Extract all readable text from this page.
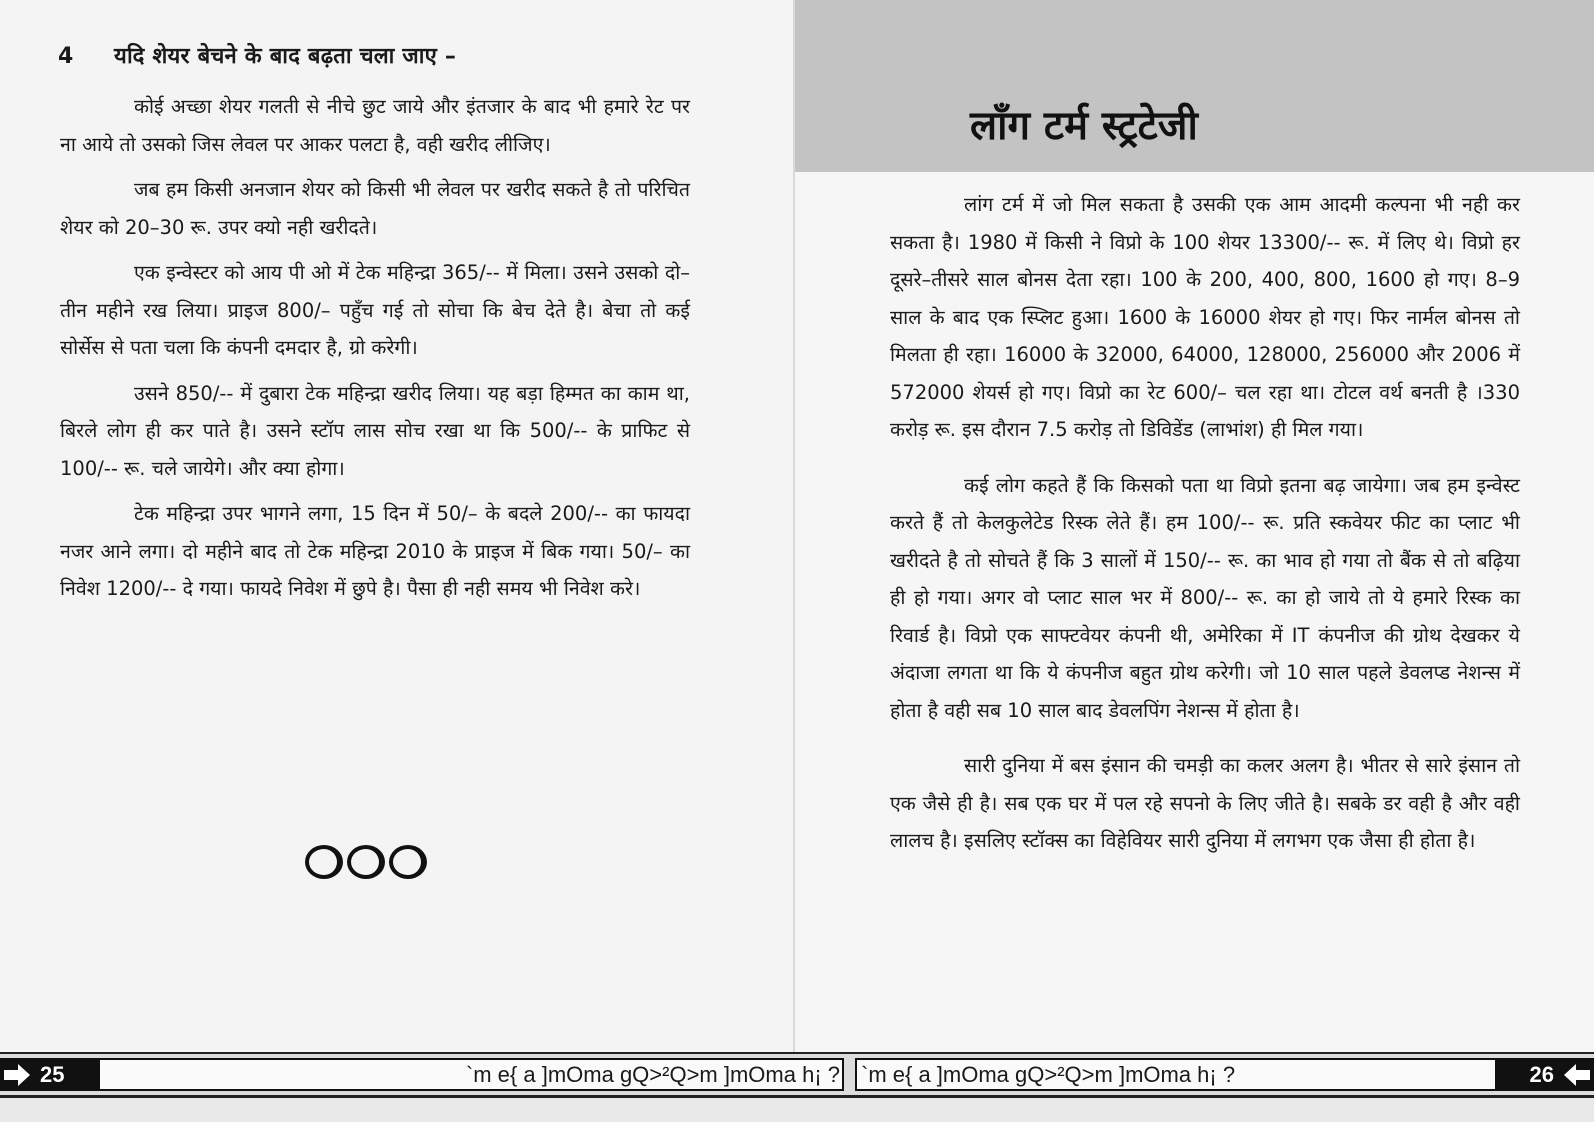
4 यदि शेयर बेचने के बाद बढ़ता चला जाए –

कोई अच्छा शेयर गलती से नीचे छुट जाये और इंतजार के बाद भी हमारे रेट पर ना आये तो उसको जिस लेवल पर आकर पलटा है, वही खरीद लीजिए।

जब हम किसी अनजान शेयर को किसी भी लेवल पर खरीद सकते है तो परिचित शेयर को 20–30 रू. उपर क्यो नही खरीदते।

एक इन्वेस्टर को आय पी ओ में टेक महिन्द्रा 365/-- में मिला। उसने उसको दो–तीन महीने रख लिया। प्राइज 800/– पहुँच गई तो सोचा कि बेच देते है। बेचा तो कई सोर्सेस से पता चला कि कंपनी दमदार है, ग्रो करेगी।

उसने 850/-- में दुबारा टेक महिन्द्रा खरीद लिया। यह बड़ा हिम्मत का काम था, बिरले लोग ही कर पाते है। उसने स्टॉप लास सोच रखा था कि 500/-- के प्राफिट से 100/-- रू. चले जायेगे। और क्या होगा।

टेक महिन्द्रा उपर भागने लगा, 15 दिन में 50/– के बदले 200/-- का फायदा नजर आने लगा। दो महीने बाद तो टेक महिन्द्रा 2010 के प्राइज में बिक गया। 50/– का निवेश 1200/-- दे गया। फायदे निवेश में छुपे है। पैसा ही नही समय भी निवेश करे।

लाँग टर्म स्ट्रटेजी

लांग टर्म में जो मिल सकता है उसकी एक आम आदमी कल्पना भी नही कर सकता है। 1980 में किसी ने विप्रो के 100 शेयर 13300/-- रू. में लिए थे। विप्रो हर दूसरे–तीसरे साल बोनस देता रहा। 100 के 200, 400, 800, 1600 हो गए। 8–9 साल के बाद एक स्प्लिट हुआ। 1600 के 16000 शेयर हो गए। फिर नार्मल बोनस तो मिलता ही रहा। 16000 के 32000, 64000, 128000, 256000 और 2006 में 572000 शेयर्स हो गए। विप्रो का रेट 600/– चल रहा था। टोटल वर्थ बनती है ।330 करोड़ रू. इस दौरान 7.5 करोड़ तो डिविडेंड (लाभांश) ही मिल गया।

कई लोग कहते हैं कि किसको पता था विप्रो इतना बढ़ जायेगा। जब हम इन्वेस्ट करते हैं तो केलकुलेटेड रिस्क लेते हैं। हम 100/-- रू. प्रति स्कवेयर फीट का प्लाट भी खरीदते है तो सोचते हैं कि 3 सालों में 150/-- रू. का भाव हो गया तो बैंक से तो बढ़िया ही हो गया। अगर वो प्लाट साल भर में 800/-- रू. का हो जाये तो ये हमारे रिस्क का रिवार्ड है। विप्रो एक साफ्टवेयर कंपनी थी, अमेरिका में IT कंपनीज की ग्रोथ देखकर ये अंदाजा लगता था कि ये कंपनीज बहुत ग्रोथ करेगी। जो 10 साल पहले डेवलप्ड नेशन्स में होता है वही सब 10 साल बाद डेवलपिंग नेशन्स में होता है।

सारी दुनिया में बस इंसान की चमड़ी का कलर अलग है। भीतर से सारे इंसान तो एक जैसे ही है। सब एक घर में पल रहे सपनो के लिए जीते है। सबके डर वही है और वही लालच है। इसलिए स्टॉक्स का विहेवियर सारी दुनिया में लगभग एक जैसा ही होता है।

25	`m e{ a ]mOma gQ>²Q>m ]mOma h¡ ? `m e{ a ]mOma gQ>²Q>m ]mOma h¡ ?	26
